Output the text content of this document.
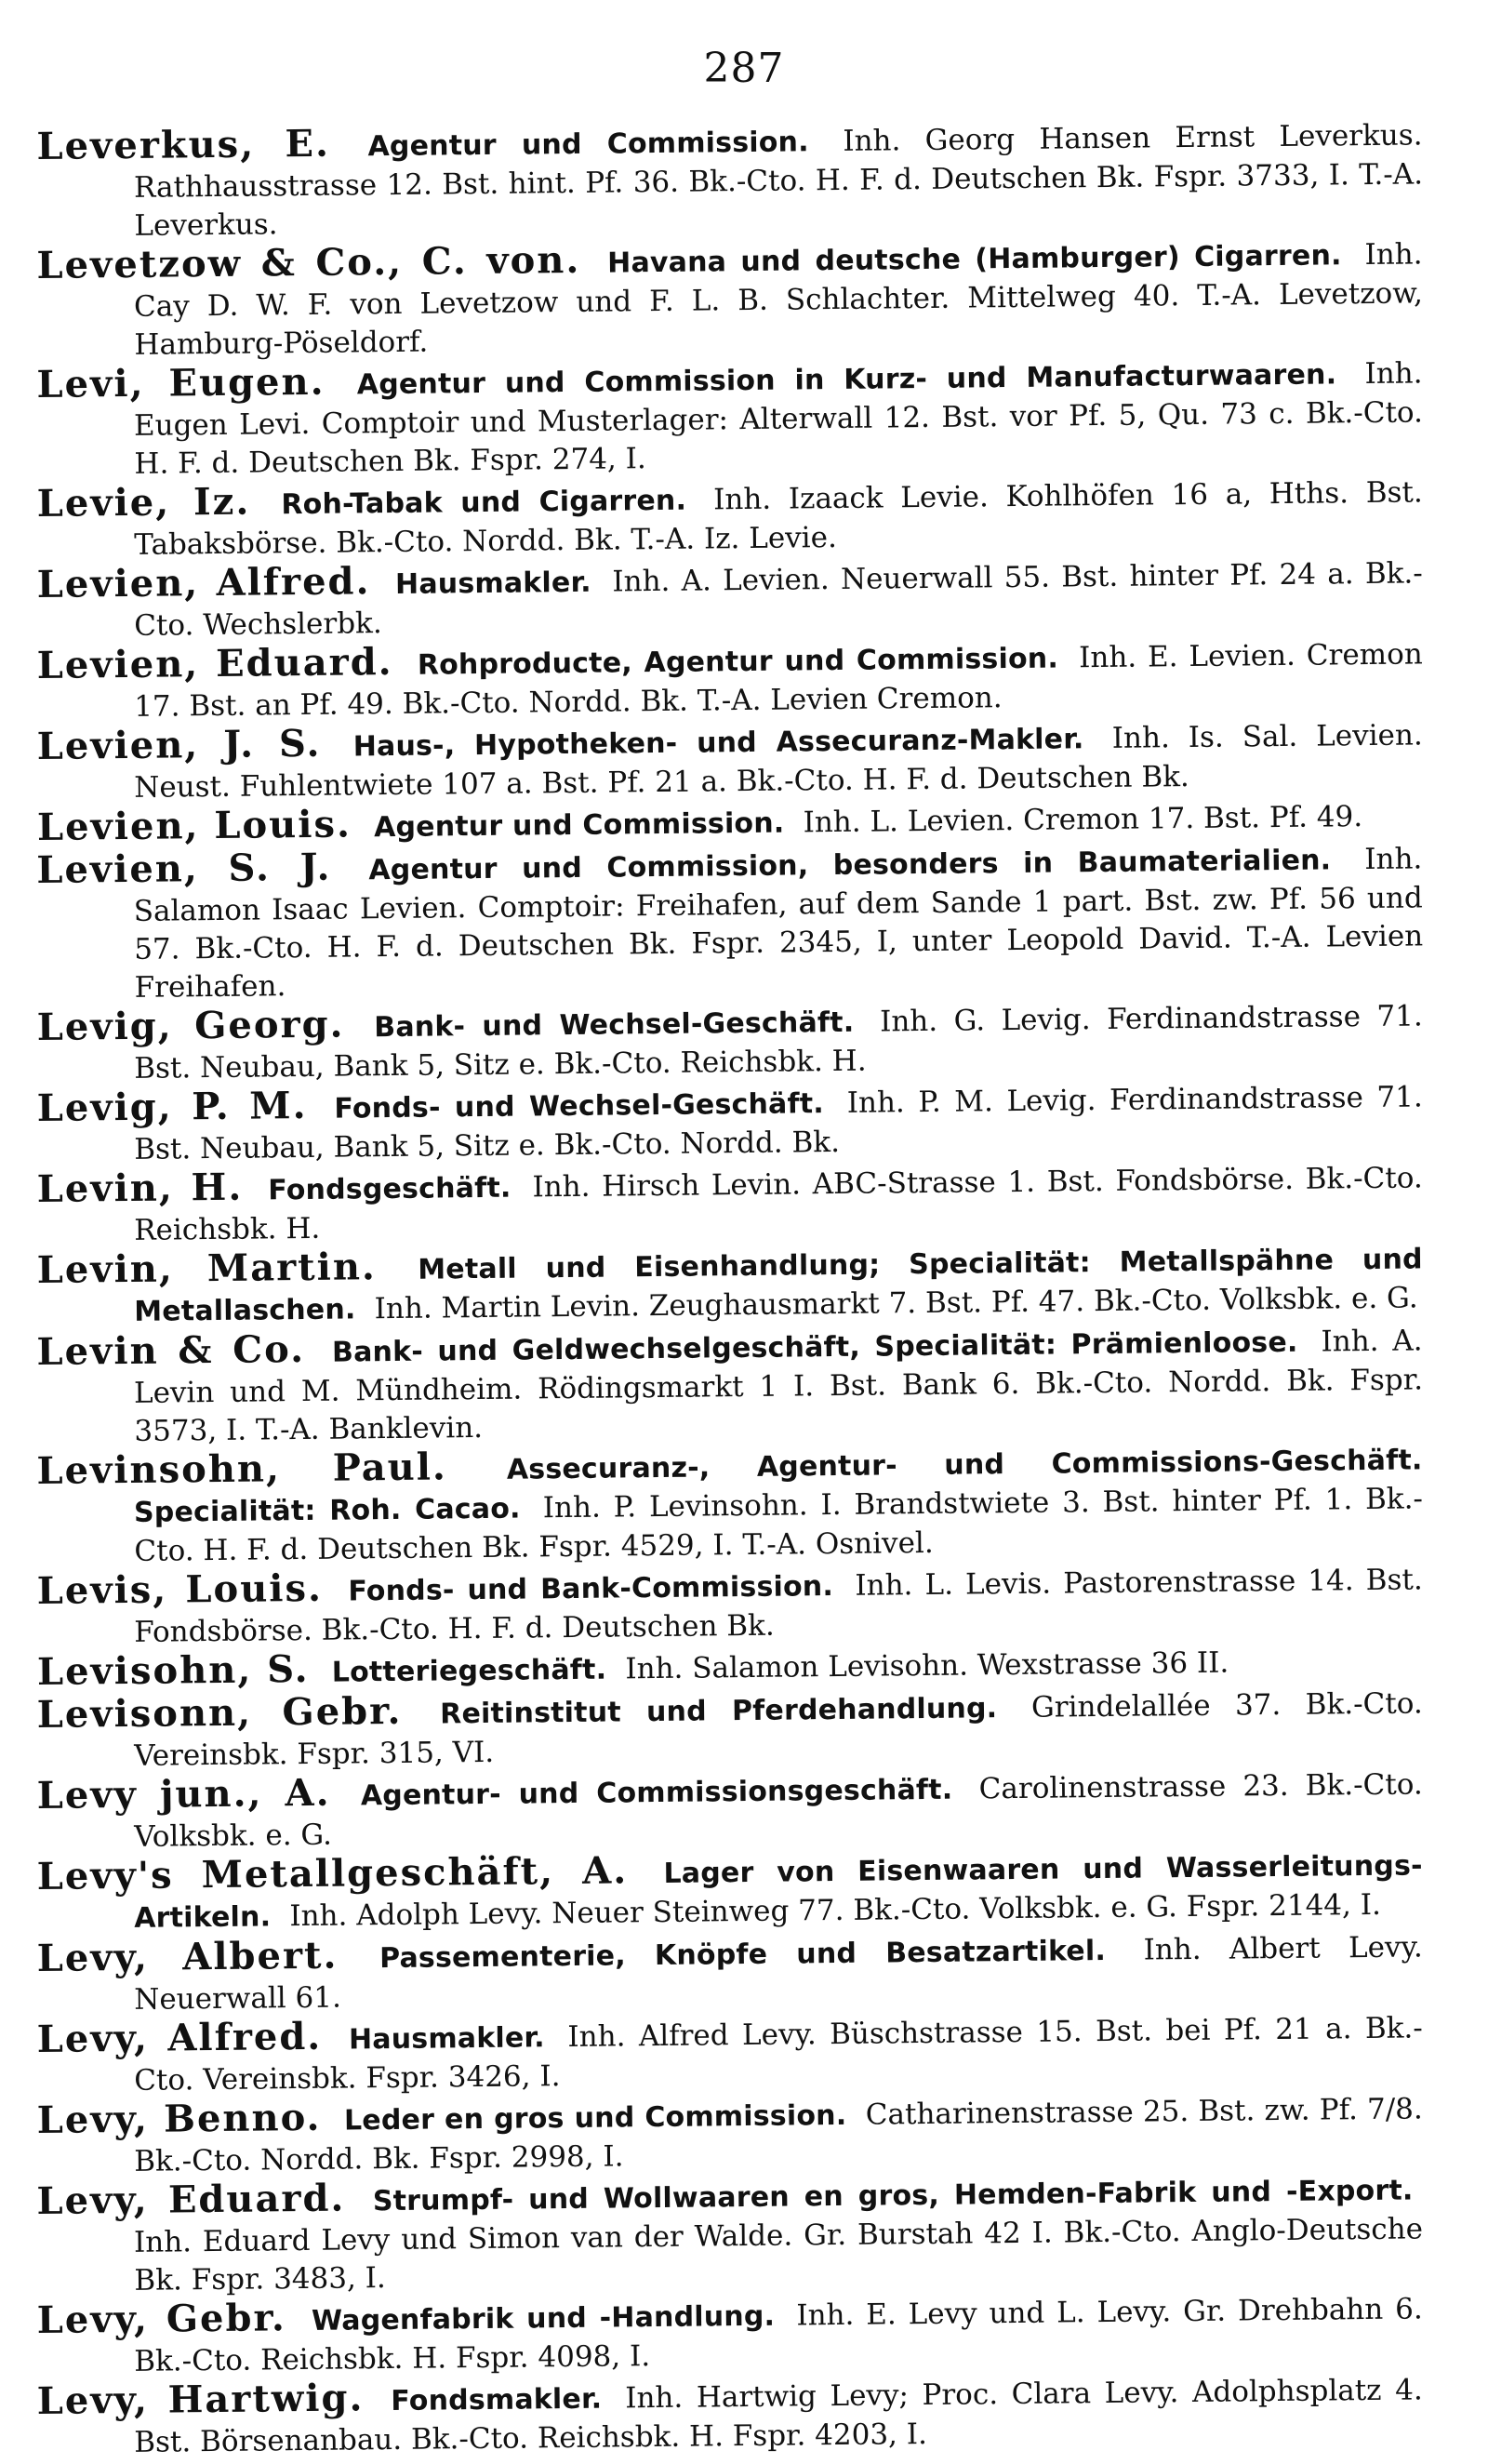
287
Leverkus, E. Agentur und Commission. Inh. Georg Hansen Ernst Leverkus. Rathhausstrasse 12. Bst. hint. Pf. 36. Bk.-Cto. H. F. d. Deutschen Bk. Fspr. 3733, I. T.-A. Leverkus.
Levetzow & Co., C. von. Havana und deutsche (Hamburger) Cigarren. Inh. Cay D. W. F. von Levetzow und F. L. B. Schlachter. Mittelweg 40. T.-A. Levetzow, Hamburg-Pöseldorf.
Levi, Eugen. Agentur und Commission in Kurz- und Manufacturwaaren. Inh. Eugen Levi. Comptoir und Musterlager: Alterwall 12. Bst. vor Pf. 5, Qu. 73 c. Bk.-Cto. H. F. d. Deutschen Bk. Fspr. 274, I.
Levie, Iz. Roh-Tabak und Cigarren. Inh. Izaack Levie. Kohlhöfen 16 a, Hths. Bst. Tabaksbörse. Bk.-Cto. Nordd. Bk. T.-A. Iz. Levie.
Levien, Alfred. Hausmakler. Inh. A. Levien. Neuerwall 55. Bst. hinter Pf. 24 a. Bk.-Cto. Wechslerbk.
Levien, Eduard. Rohproducte, Agentur und Commission. Inh. E. Levien. Cremon 17. Bst. an Pf. 49. Bk.-Cto. Nordd. Bk. T.-A. Levien Cremon.
Levien, J. S. Haus-, Hypotheken- und Assecuranz-Makler. Inh. Is. Sal. Levien. Neust. Fuhlentwiete 107 a. Bst. Pf. 21 a. Bk.-Cto. H. F. d. Deutschen Bk.
Levien, Louis. Agentur und Commission. Inh. L. Levien. Cremon 17. Bst. Pf. 49.
Levien, S. J. Agentur und Commission, besonders in Baumaterialien. Inh. Salamon Isaac Levien. Comptoir: Freihafen, auf dem Sande 1 part. Bst. zw. Pf. 56 und 57. Bk.-Cto. H. F. d. Deutschen Bk. Fspr. 2345, I, unter Leopold David. T.-A. Levien Freihafen.
Levig, Georg. Bank- und Wechsel-Geschäft. Inh. G. Levig. Ferdinandstrasse 71. Bst. Neubau, Bank 5, Sitz e. Bk.-Cto. Reichsbk. H.
Levig, P. M. Fonds- und Wechsel-Geschäft. Inh. P. M. Levig. Ferdinandstrasse 71. Bst. Neubau, Bank 5, Sitz e. Bk.-Cto. Nordd. Bk.
Levin, H. Fondsgeschäft. Inh. Hirsch Levin. ABC-Strasse 1. Bst. Fondsbörse. Bk.-Cto. Reichsbk. H.
Levin, Martin. Metall und Eisenhandlung; Specialität: Metallspähne und Metallaschen. Inh. Martin Levin. Zeughausmarkt 7. Bst. Pf. 47. Bk.-Cto. Volksbk. e. G.
Levin & Co. Bank- und Geldwechselgeschäft, Specialität: Prämienloose. Inh. A. Levin und M. Mündheim. Rödingsmarkt 1 I. Bst. Bank 6. Bk.-Cto. Nordd. Bk. Fspr. 3573, I. T.-A. Banklevin.
Levinsohn, Paul. Assecuranz-, Agentur- und Commissions-Geschäft. Specialität: Roh. Cacao. Inh. P. Levinsohn. I. Brandstwiete 3. Bst. hinter Pf. 1. Bk.-Cto. H. F. d. Deutschen Bk. Fspr. 4529, I. T.-A. Osnivel.
Levis, Louis. Fonds- und Bank-Commission. Inh. L. Levis. Pastorenstrasse 14. Bst. Fondsbörse. Bk.-Cto. H. F. d. Deutschen Bk.
Levisohn, S. Lotteriegeschäft. Inh. Salamon Levisohn. Wexstrasse 36 II.
Levisonn, Gebr. Reitinstitut und Pferdehandlung. Grindelallée 37. Bk.-Cto. Vereinsbk. Fspr. 315, VI.
Levy jun., A. Agentur- und Commissionsgeschäft. Carolinenstrasse 23. Bk.-Cto. Volksbk. e. G.
Levy's Metallgeschäft, A. Lager von Eisenwaaren und Wasserleitungs-Artikeln. Inh. Adolph Levy. Neuer Steinweg 77. Bk.-Cto. Volksbk. e. G. Fspr. 2144, I.
Levy, Albert. Passementerie, Knöpfe und Besatzartikel. Inh. Albert Levy. Neuerwall 61.
Levy, Alfred. Hausmakler. Inh. Alfred Levy. Büschstrasse 15. Bst. bei Pf. 21 a. Bk.-Cto. Vereinsbk. Fspr. 3426, I.
Levy, Benno. Leder en gros und Commission. Catharinenstrasse 25. Bst. zw. Pf. 7/8. Bk.-Cto. Nordd. Bk. Fspr. 2998, I.
Levy, Eduard. Strumpf- und Wollwaaren en gros, Hemden-Fabrik und -Export. Inh. Eduard Levy und Simon van der Walde. Gr. Burstah 42 I. Bk.-Cto. Anglo-Deutsche Bk. Fspr. 3483, I.
Levy, Gebr. Wagenfabrik und -Handlung. Inh. E. Levy und L. Levy. Gr. Drehbahn 6. Bk.-Cto. Reichsbk. H. Fspr. 4098, I.
Levy, Hartwig. Fondsmakler. Inh. Hartwig Levy; Proc. Clara Levy. Adolphsplatz 4. Bst. Börsenanbau. Bk.-Cto. Reichsbk. H. Fspr. 4203, I.
